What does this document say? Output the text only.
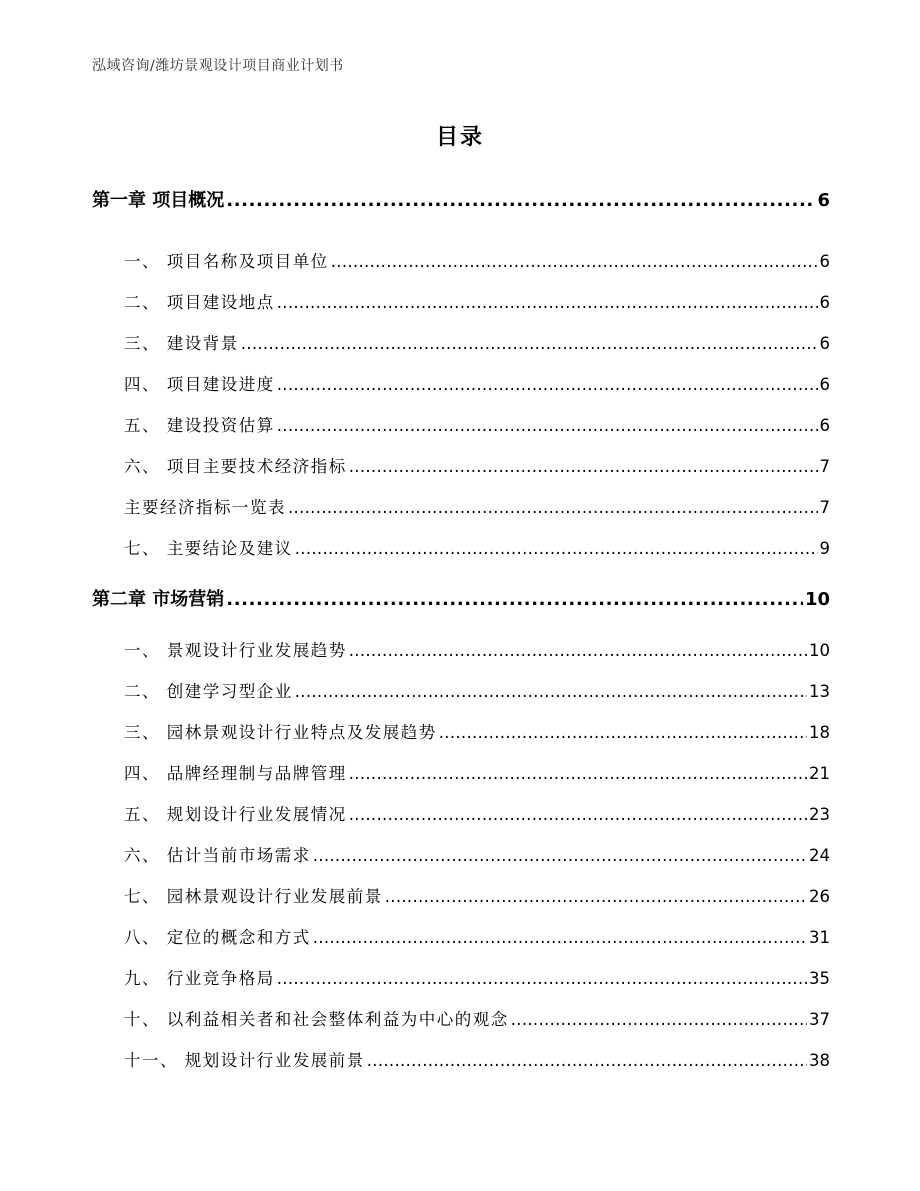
泓域咨询/潍坊景观设计项目商业计划书
目录
第一章 项目概况 .....	6
一、 项目名称及项目单位 .....	6
二、 项目建设地点 .....	6
三、 建设背景 .....	6
四、 项目建设进度 .....	6
五、 建设投资估算 .....	6
六、 项目主要技术经济指标 .....	7
主要经济指标一览表 .....	7
七、 主要结论及建议 .....	9
第二章 市场营销 .....	10
一、 景观设计行业发展趋势 .....	10
二、 创建学习型企业 .....	13
三、 园林景观设计行业特点及发展趋势 .....	18
四、 品牌经理制与品牌管理 .....	21
五、 规划设计行业发展情况 .....	23
六、 估计当前市场需求 .....	24
七、 园林景观设计行业发展前景 .....	26
八、 定位的概念和方式 .....	31
九、 行业竞争格局 .....	35
十、 以利益相关者和社会整体利益为中心的观念 .....	37
十一、 规划设计行业发展前景 .....	38
